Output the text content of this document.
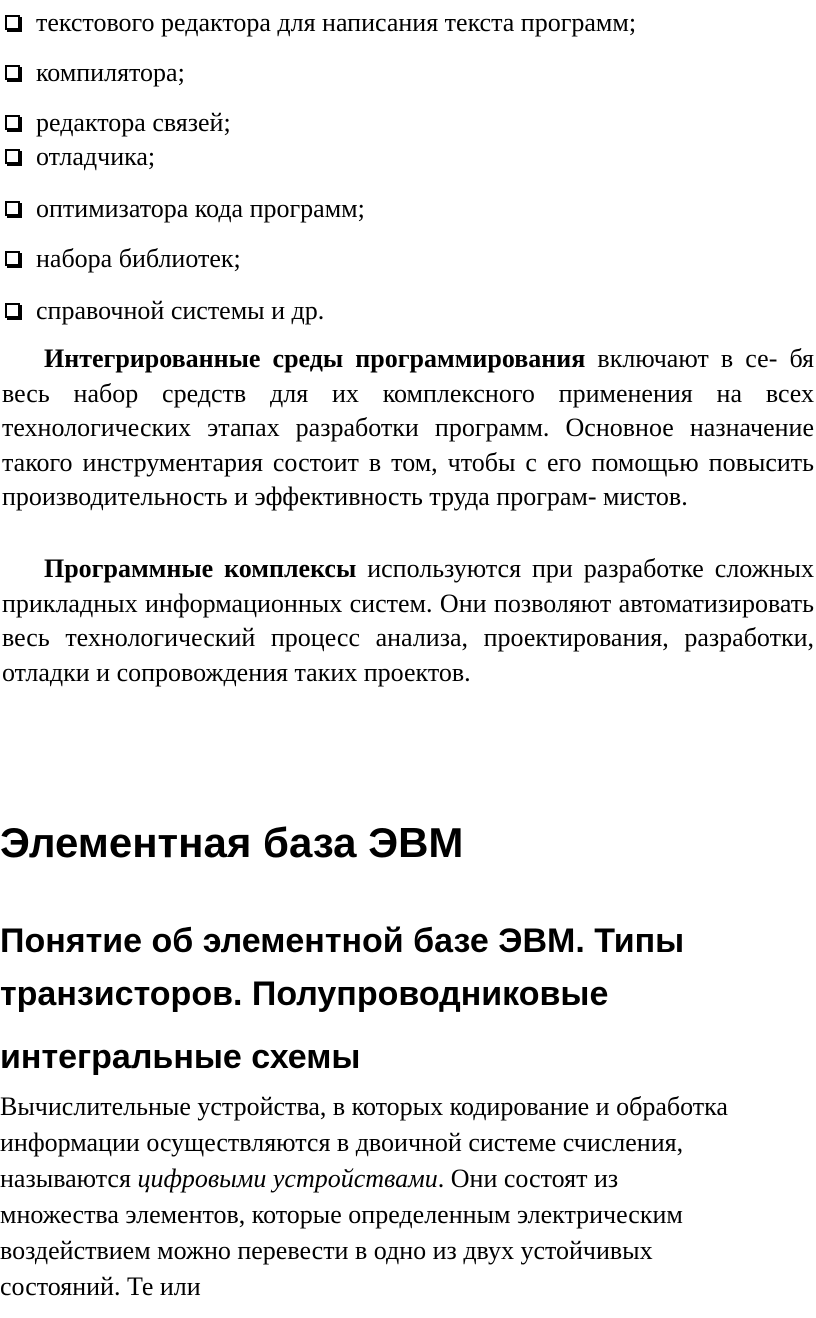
текстового редактора для написания текста программ;
компилятора;
редактора связей;
отладчика;
оптимизатора кода программ;
набора библиотек;
справочной системы и др.
Интегрированные среды программирования включают в се- бя весь набор средств для их комплексного применения на всех технологических этапах разработки программ. Основное назначение такого инструментария состоит в том, чтобы с его помощью повысить производительность и эффективность труда програм- мистов.
Программные комплексы используются при разработке сложных прикладных информационных систем. Они позволяют автоматизировать весь технологический процесс анализа, проектирования, разработки, отладки и сопровождения таких проектов.
Элементная база ЭВМ
Понятие об элементной базе ЭВМ. Типы
транзисторов. Полупроводниковые
интегральные схемы
Вычислительные устройства, в которых кодирование и обработка
информации осуществляются в двоичной системе счисления,
называются цифровыми устройствами. Они состоят из
множества элементов, которые определенным электрическим
воздействием можно перевести в одно из двух устойчивых
состояний. Те или
